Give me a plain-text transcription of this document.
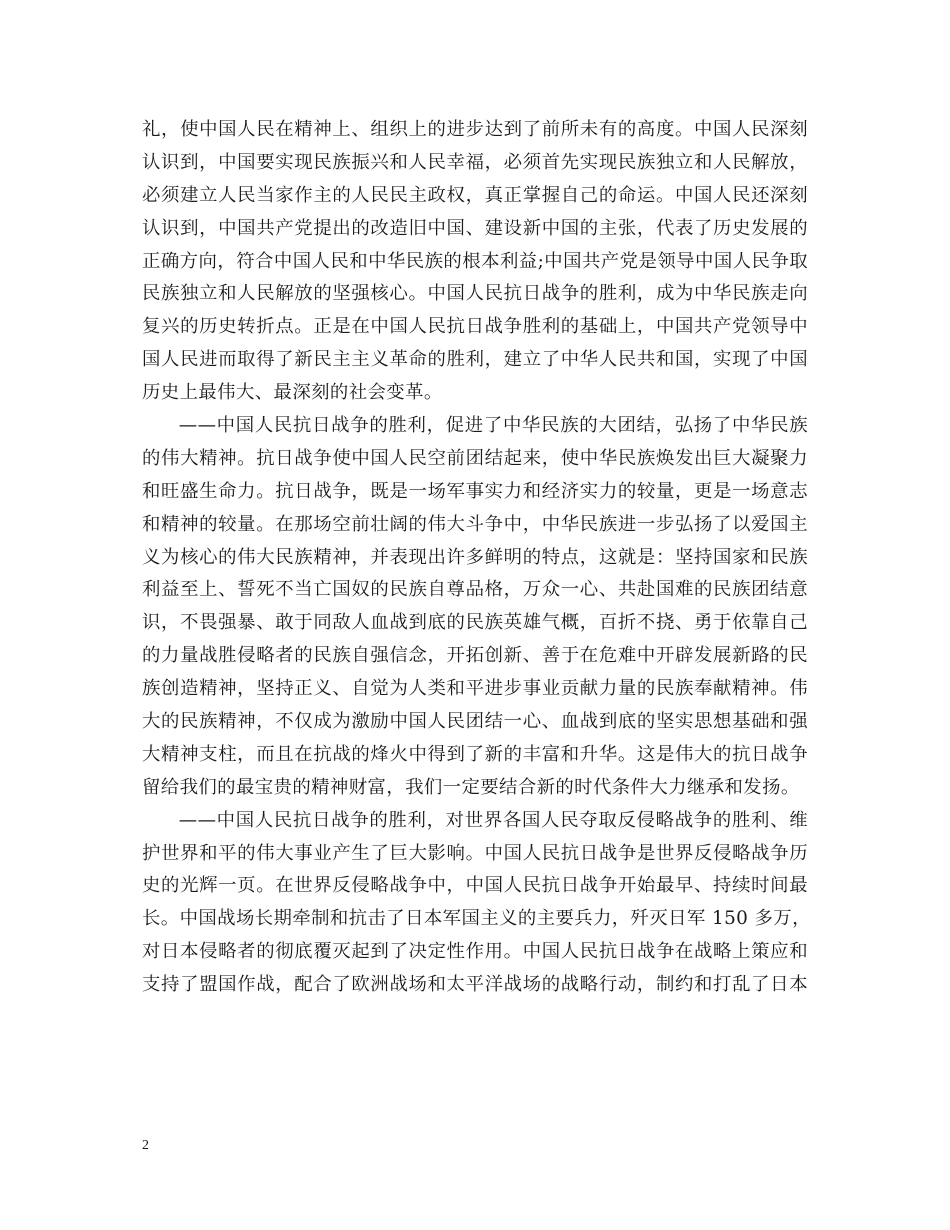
礼，使中国人民在精神上、组织上的进步达到了前所未有的高度。中国人民深刻
认识到，中国要实现民族振兴和人民幸福，必须首先实现民族独立和人民解放，
必须建立人民当家作主的人民民主政权，真正掌握自己的命运。中国人民还深刻
认识到，中国共产党提出的改造旧中国、建设新中国的主张，代表了历史发展的
正确方向，符合中国人民和中华民族的根本利益;中国共产党是领导中国人民争取
民族独立和人民解放的坚强核心。中国人民抗日战争的胜利，成为中华民族走向
复兴的历史转折点。正是在中国人民抗日战争胜利的基础上，中国共产党领导中
国人民进而取得了新民主主义革命的胜利，建立了中华人民共和国，实现了中国
历史上最伟大、最深刻的社会变革。
——中国人民抗日战争的胜利，促进了中华民族的大团结，弘扬了中华民族
的伟大精神。抗日战争使中国人民空前团结起来，使中华民族焕发出巨大凝聚力
和旺盛生命力。抗日战争，既是一场军事实力和经济实力的较量，更是一场意志
和精神的较量。在那场空前壮阔的伟大斗争中，中华民族进一步弘扬了以爱国主
义为核心的伟大民族精神，并表现出许多鲜明的特点，这就是：坚持国家和民族
利益至上、誓死不当亡国奴的民族自尊品格，万众一心、共赴国难的民族团结意
识，不畏强暴、敢于同敌人血战到底的民族英雄气概，百折不挠、勇于依靠自己
的力量战胜侵略者的民族自强信念，开拓创新、善于在危难中开辟发展新路的民
族创造精神，坚持正义、自觉为人类和平进步事业贡献力量的民族奉献精神。伟
大的民族精神，不仅成为激励中国人民团结一心、血战到底的坚实思想基础和强
大精神支柱，而且在抗战的烽火中得到了新的丰富和升华。这是伟大的抗日战争
留给我们的最宝贵的精神财富，我们一定要结合新的时代条件大力继承和发扬。
——中国人民抗日战争的胜利，对世界各国人民夺取反侵略战争的胜利、维
护世界和平的伟大事业产生了巨大影响。中国人民抗日战争是世界反侵略战争历
史的光辉一页。在世界反侵略战争中，中国人民抗日战争开始最早、持续时间最
长。中国战场长期牵制和抗击了日本军国主义的主要兵力，歼灭日军 150 多万，
对日本侵略者的彻底覆灭起到了决定性作用。中国人民抗日战争在战略上策应和
支持了盟国作战，配合了欧洲战场和太平洋战场的战略行动，制约和打乱了日本
2
